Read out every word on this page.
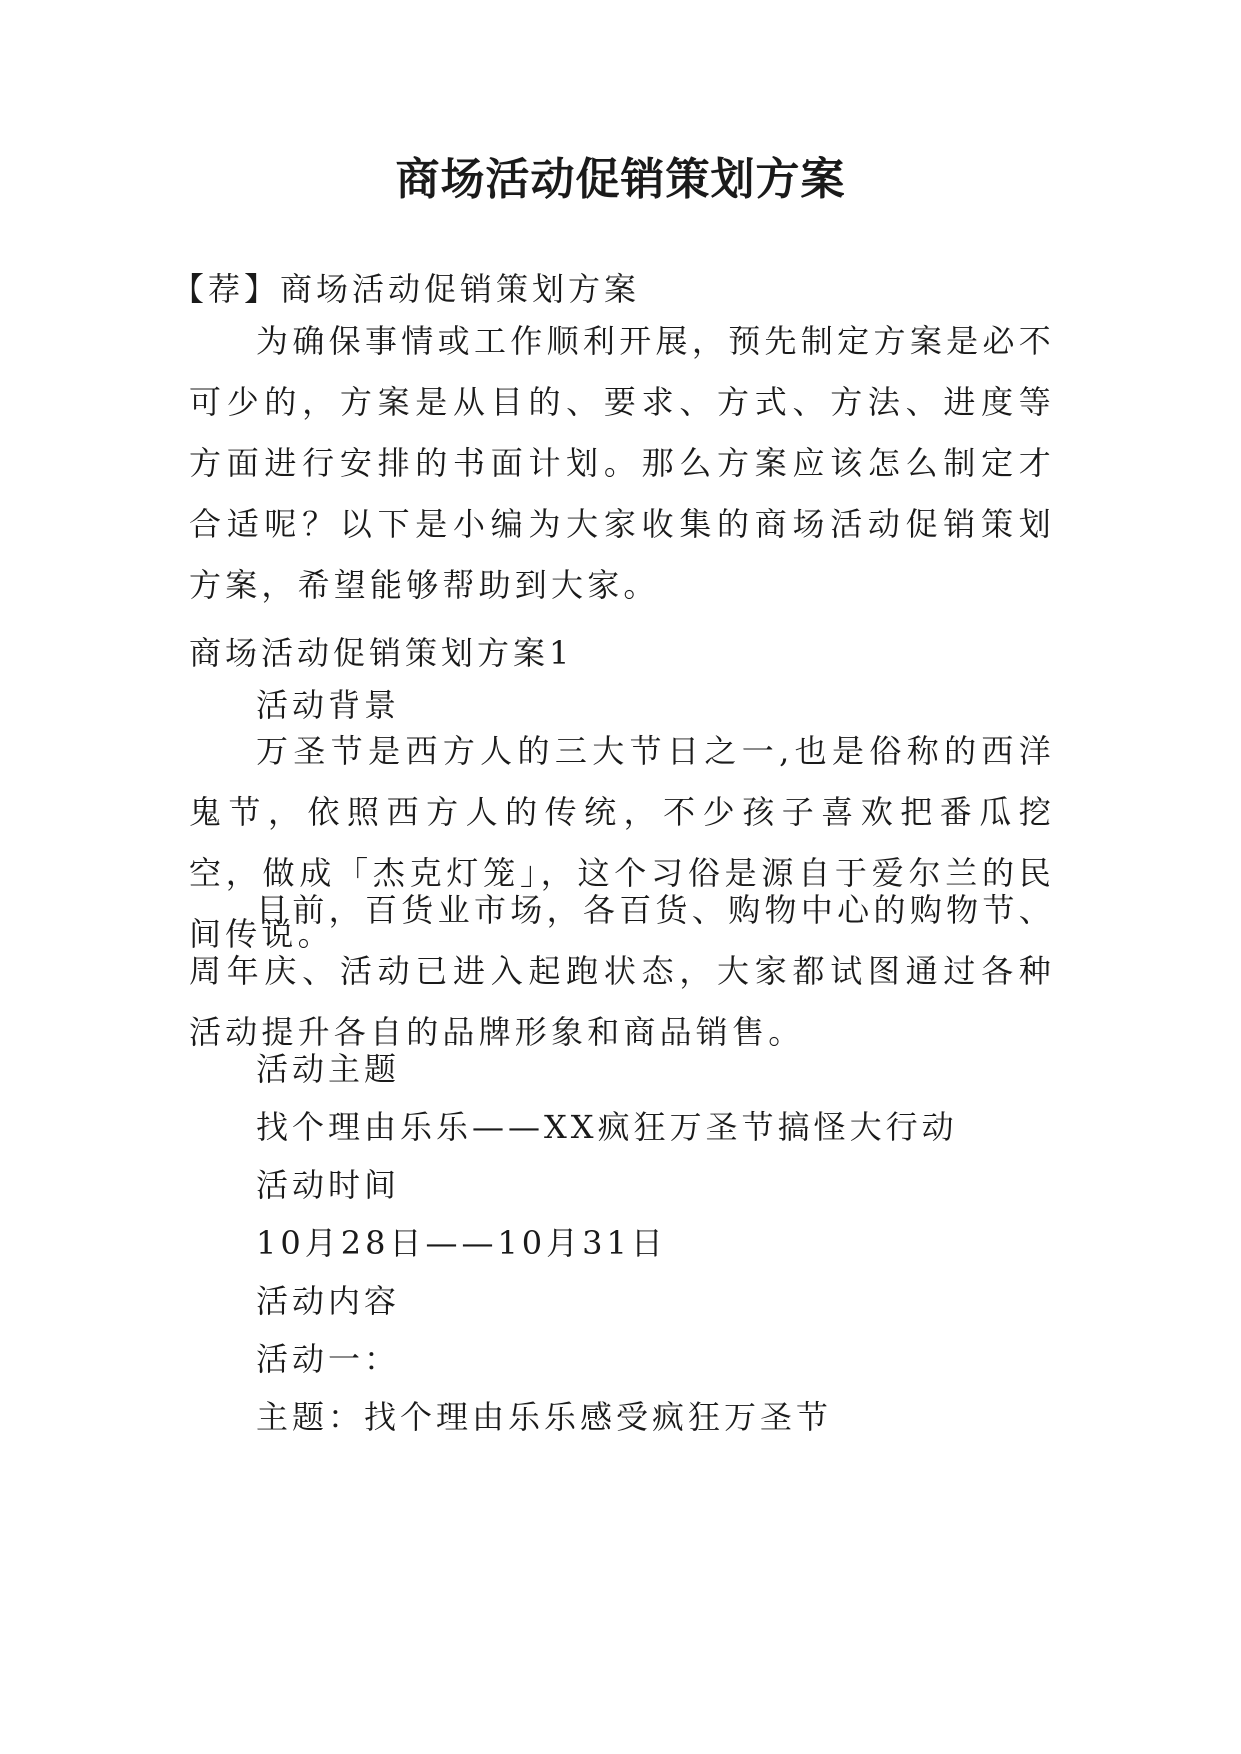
商场活动促销策划方案

【荐】商场活动促销策划方案

为确保事情或工作顺利开展，预先制定方案是必不可少的，方案是从目的、要求、方式、方法、进度等方面进行安排的书面计划。那么方案应该怎么制定才合适呢？以下是小编为大家收集的商场活动促销策划方案，希望能够帮助到大家。

商场活动促销策划方案1

活动背景

万圣节是西方人的三大节日之一,也是俗称的西洋鬼节，依照西方人的传统，不少孩子喜欢把番瓜挖空，做成「杰克灯笼」，这个习俗是源自于爱尔兰的民间传说。

目前，百货业市场，各百货、购物中心的购物节、周年庆、活动已进入起跑状态，大家都试图通过各种活动提升各自的品牌形象和商品销售。

活动主题

找个理由乐乐——XX疯狂万圣节搞怪大行动

活动时间

10月28日——10月31日

活动内容

活动一：

主题：找个理由乐乐感受疯狂万圣节
